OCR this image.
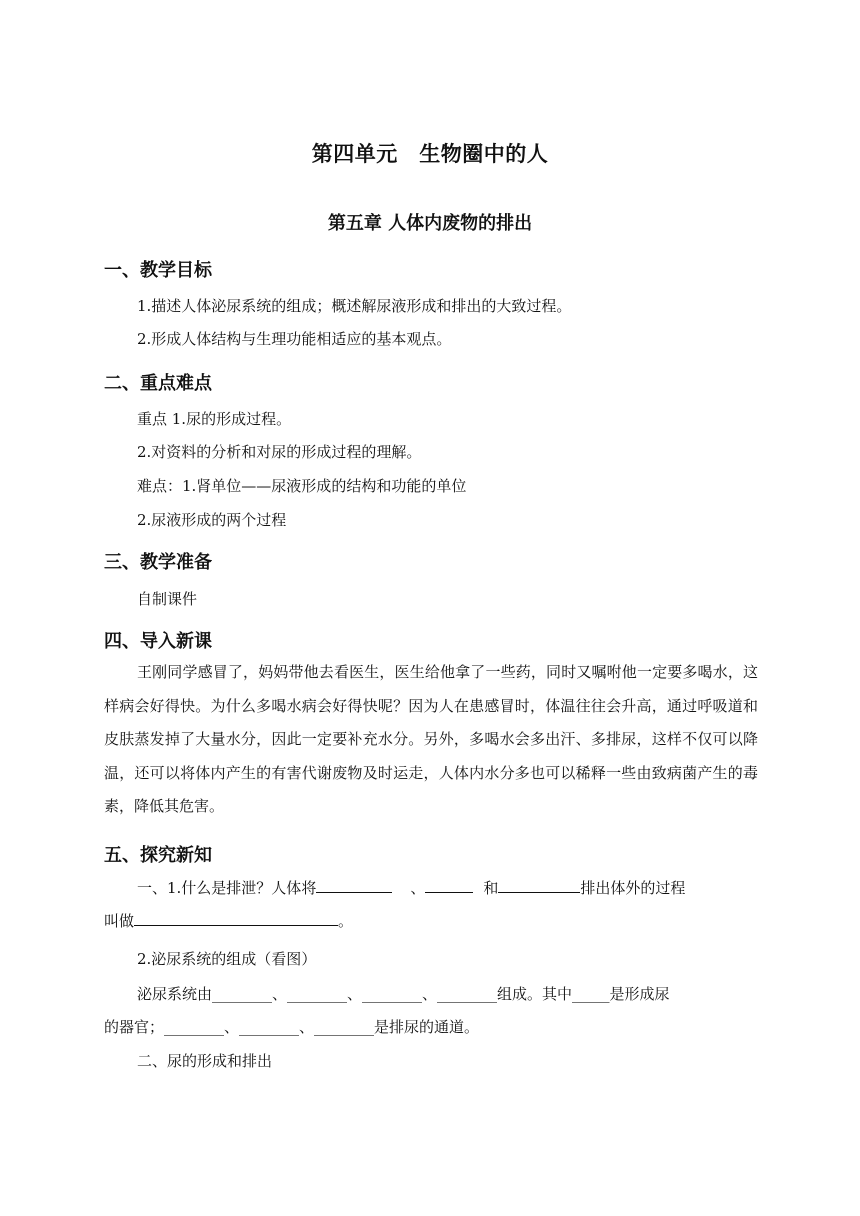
第四单元　生物圈中的人
第五章 人体内废物的排出
一、教学目标
1.描述人体泌尿系统的组成；概述解尿液形成和排出的大致过程。
2.形成人体结构与生理功能相适应的基本观点。
二、重点难点
重点 1.尿的形成过程。
2.对资料的分析和对尿的形成过程的理解。
难点：1.肾单位——尿液形成的结构和功能的单位
2.尿液形成的两个过程
三、教学准备
自制课件
四、导入新课
王刚同学感冒了，妈妈带他去看医生，医生给他拿了一些药，同时又嘱咐他一定要多喝水，这样病会好得快。为什么多喝水病会好得快呢？因为人在患感冒时，体温往往会升高，通过呼吸道和皮肤蒸发掉了大量水分，因此一定要补充水分。另外，多喝水会多出汗、多排尿，这样不仅可以降温，还可以将体内产生的有害代谢废物及时运走，人体内水分多也可以稀释一些由致病菌产生的毒素，降低其危害。
五、探究新知
一、1.什么是排泄？人体将	、	和	排出体外的过程
叫做	。
2.泌尿系统的组成（看图）
泌尿系统由________、________、________、________组成。其中_____是形成尿
的器官；________、________、________是排尿的通道。
二、尿的形成和排出
